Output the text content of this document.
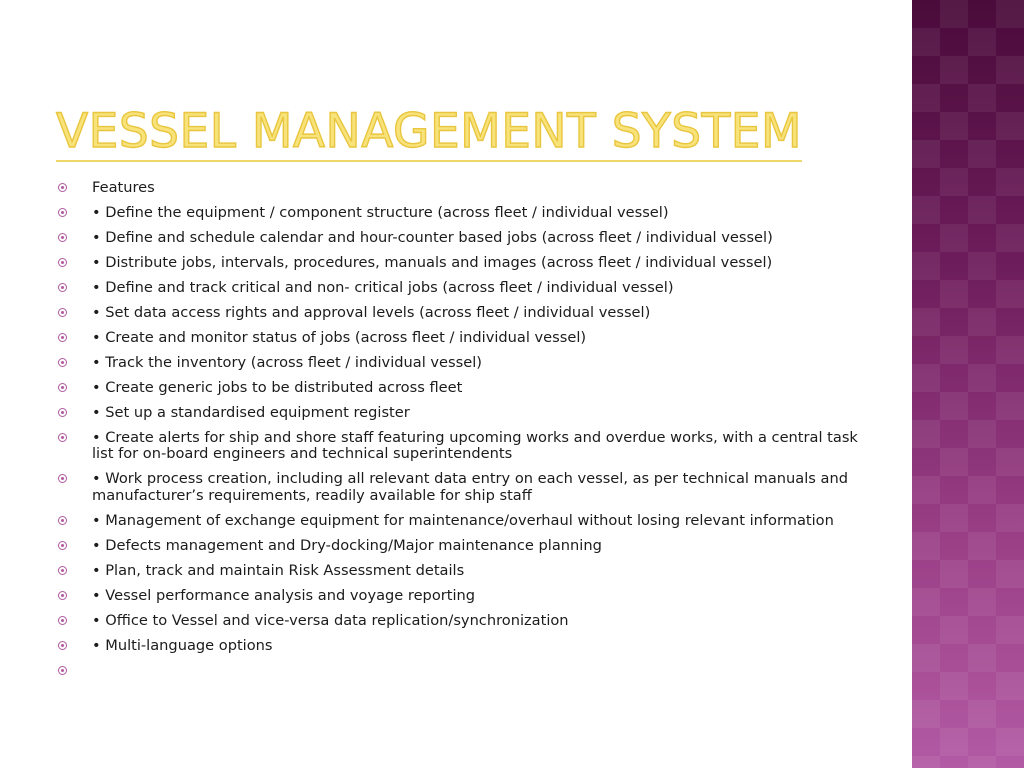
VESSEL MANAGEMENT SYSTEM
Features
• Define the equipment / component structure (across fleet / individual vessel)
• Define and schedule calendar and hour-counter based jobs (across fleet / individual vessel)
• Distribute jobs, intervals, procedures, manuals and images (across fleet / individual vessel)
• Define and track critical and non- critical jobs (across fleet / individual vessel)
• Set data access rights and approval levels (across fleet / individual vessel)
• Create and monitor status of jobs (across fleet / individual vessel)
• Track the inventory (across fleet / individual vessel)
• Create generic jobs to be distributed across fleet
• Set up a standardised equipment register
• Create alerts for ship and shore staff featuring upcoming works and overdue works, with a central task list for on-board engineers and technical superintendents
• Work process creation, including all relevant data entry on each vessel, as per technical manuals and manufacturer’s requirements, readily available for ship staff
• Management of exchange equipment for maintenance/overhaul without losing relevant information
• Defects management and Dry-docking/Major maintenance planning
• Plan, track and maintain Risk Assessment details
• Vessel performance analysis and voyage reporting
• Office to Vessel and vice-versa data replication/synchronization
• Multi-language options
